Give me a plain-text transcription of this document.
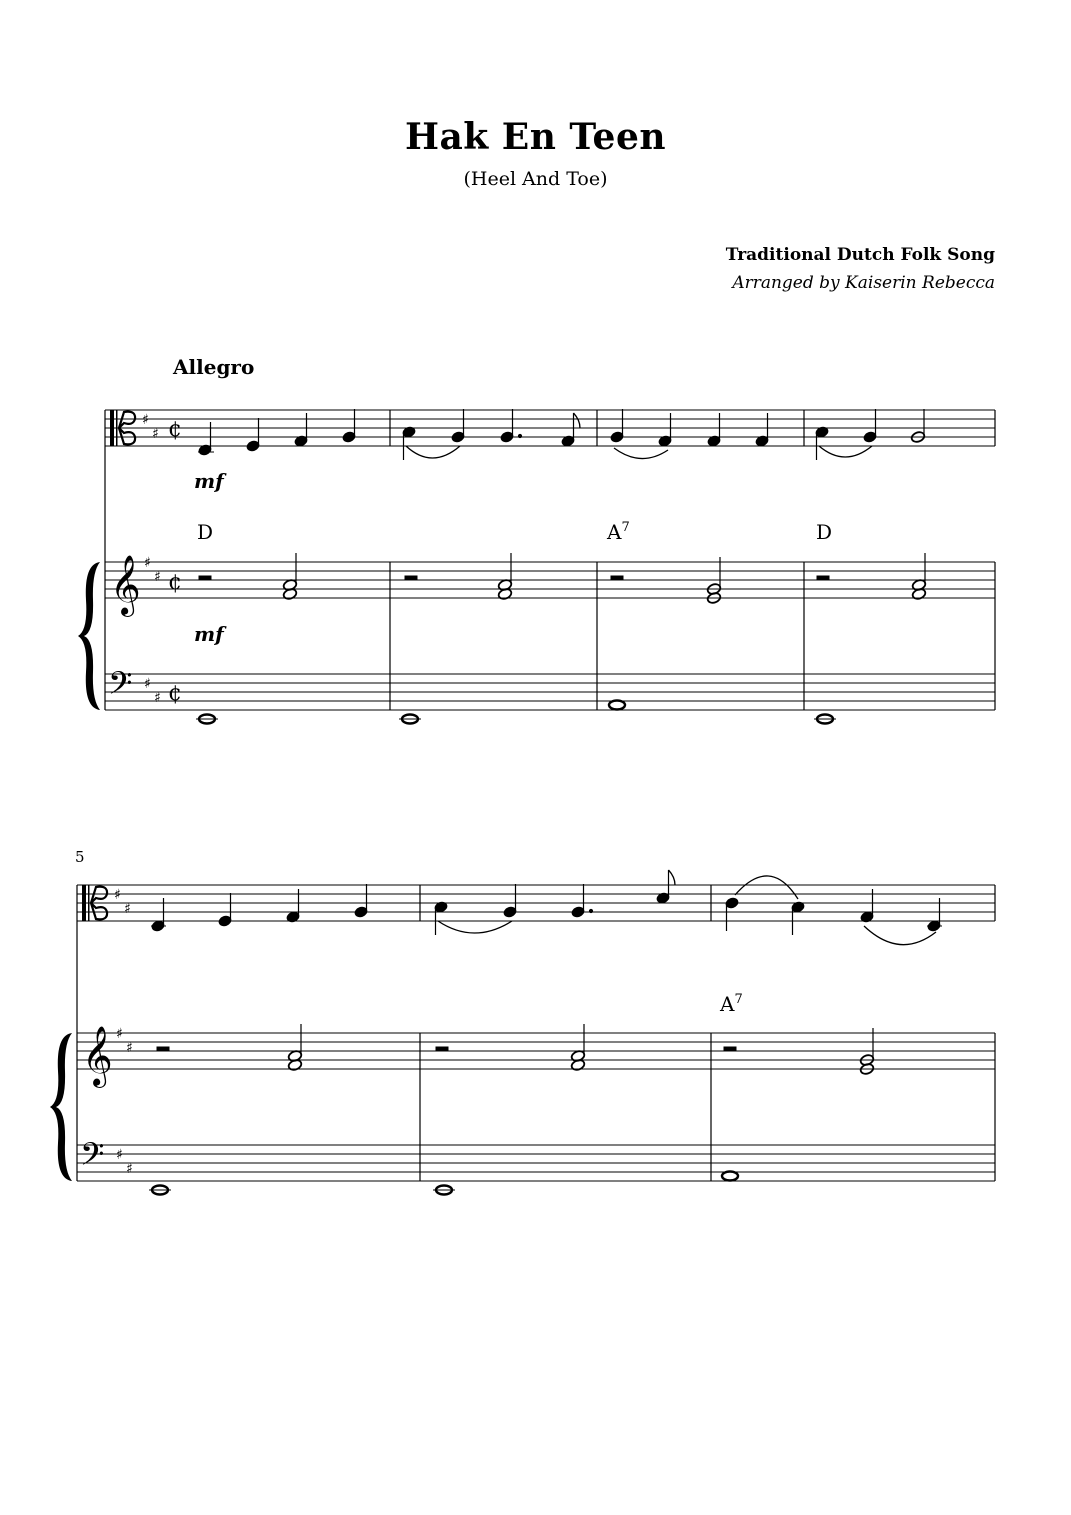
Hak En Teen
(Heel And Toe)
Traditional Dutch Folk Song
Arranged by Kaiserin Rebecca
Allegro
5
♯
♯ ¢
mf
D	$A^7$	D
𝄞 ♯
♯ ¢
𝄢 ♯
♯ ¢
mf
♯
♯
$A^7$
𝄞 ♯
♯
𝄢 ♯
♯
